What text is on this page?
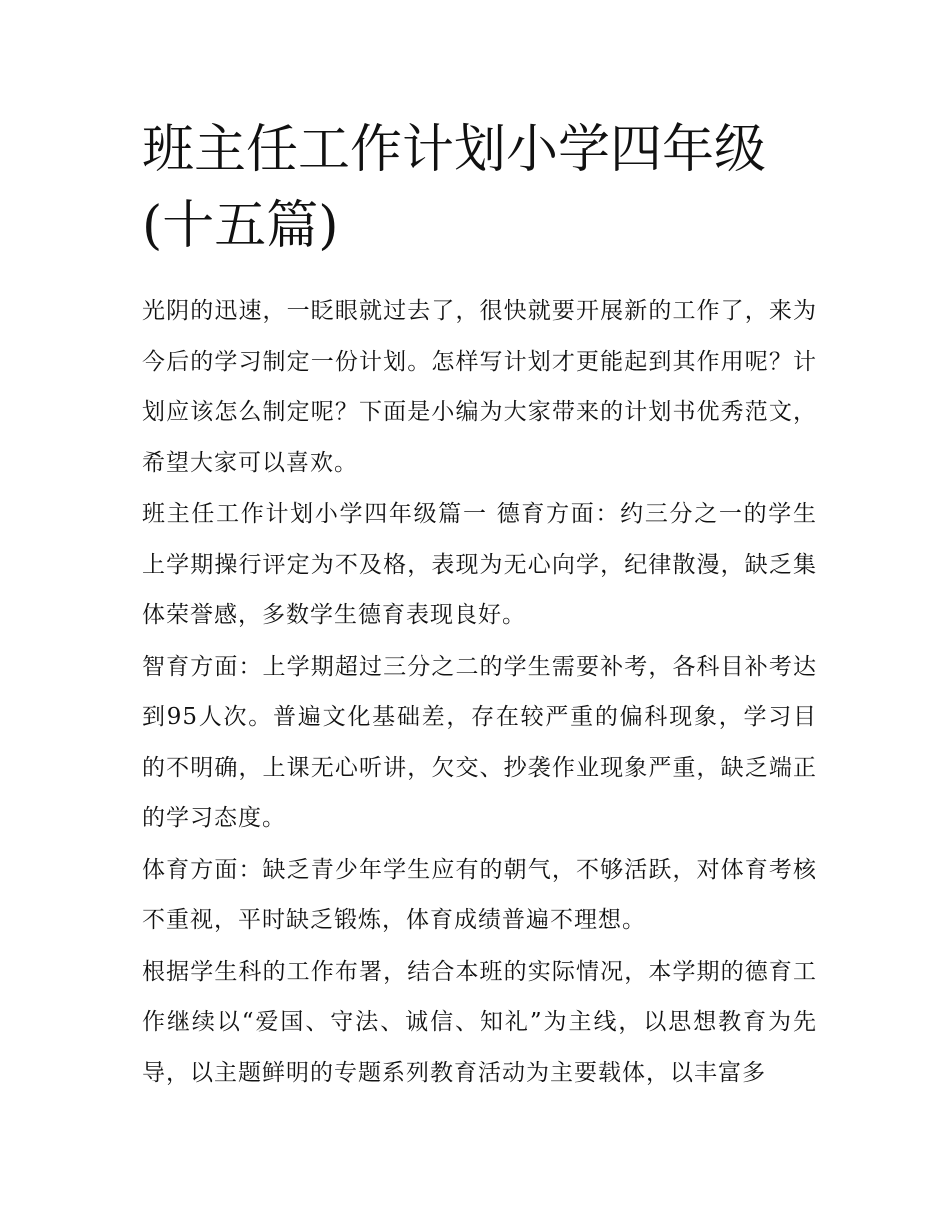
班主任工作计划小学四年级(十五篇)

光阴的迅速，一眨眼就过去了，很快就要开展新的工作了，来为今后的学习制定一份计划。怎样写计划才更能起到其作用呢？计划应该怎么制定呢？下面是小编为大家带来的计划书优秀范文，希望大家可以喜欢。

班主任工作计划小学四年级篇一 德育方面：约三分之一的学生上学期操行评定为不及格，表现为无心向学，纪律散漫，缺乏集体荣誉感，多数学生德育表现良好。

智育方面：上学期超过三分之二的学生需要补考，各科目补考达到95人次。普遍文化基础差，存在较严重的偏科现象，学习目的不明确，上课无心听讲，欠交、抄袭作业现象严重，缺乏端正的学习态度。

体育方面：缺乏青少年学生应有的朝气，不够活跃，对体育考核不重视，平时缺乏锻炼，体育成绩普遍不理想。

根据学生科的工作布署，结合本班的实际情况，本学期的德育工作继续以“爱国、守法、诚信、知礼”为主线，以思想教育为先导，以主题鲜明的专题系列教育活动为主要载体，以丰富多
